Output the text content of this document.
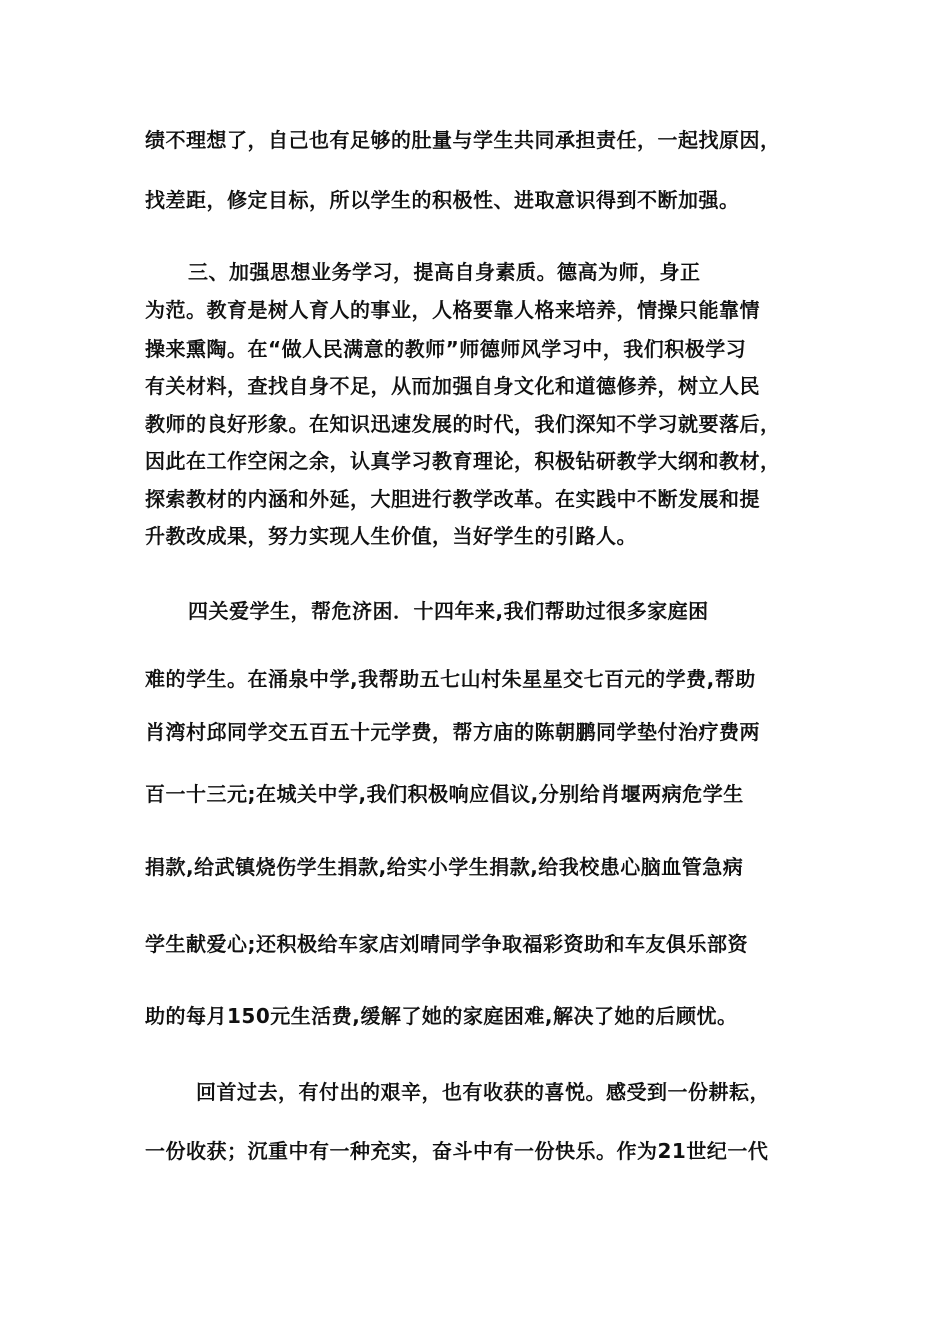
绩不理想了，自己也有足够的肚量与学生共同承担责任，一起找原因，
找差距，修定目标，所以学生的积极性、进取意识得到不断加强。
三、加强思想业务学习，提高自身素质。德高为师，身正
为范。教育是树人育人的事业，人格要靠人格来培养，情操只能靠情
操来熏陶。在“做人民满意的教师”师德师风学习中，我们积极学习
有关材料，查找自身不足，从而加强自身文化和道德修养，树立人民
教师的良好形象。在知识迅速发展的时代，我们深知不学习就要落后，
因此在工作空闲之余，认真学习教育理论，积极钻研教学大纲和教材，
探索教材的内涵和外延，大胆进行教学改革。在实践中不断发展和提
升教改成果，努力实现人生价值，当好学生的引路人。
四关爱学生，帮危济困．十四年来,我们帮助过很多家庭困
难的学生。在涌泉中学,我帮助五七山村朱星星交七百元的学费,帮助
肖湾村邱同学交五百五十元学费，帮方庙的陈朝鹏同学垫付治疗费两
百一十三元;在城关中学,我们积极响应倡议,分别给肖堰两病危学生
捐款,给武镇烧伤学生捐款,给实小学生捐款,给我校患心脑血管急病
学生献爱心;还积极给车家店刘晴同学争取福彩资助和车友俱乐部资
助的每月150元生活费,缓解了她的家庭困难,解决了她的后顾忧。
回首过去，有付出的艰辛，也有收获的喜悦。感受到一份耕耘，
一份收获；沉重中有一种充实，奋斗中有一份快乐。作为21世纪一代
